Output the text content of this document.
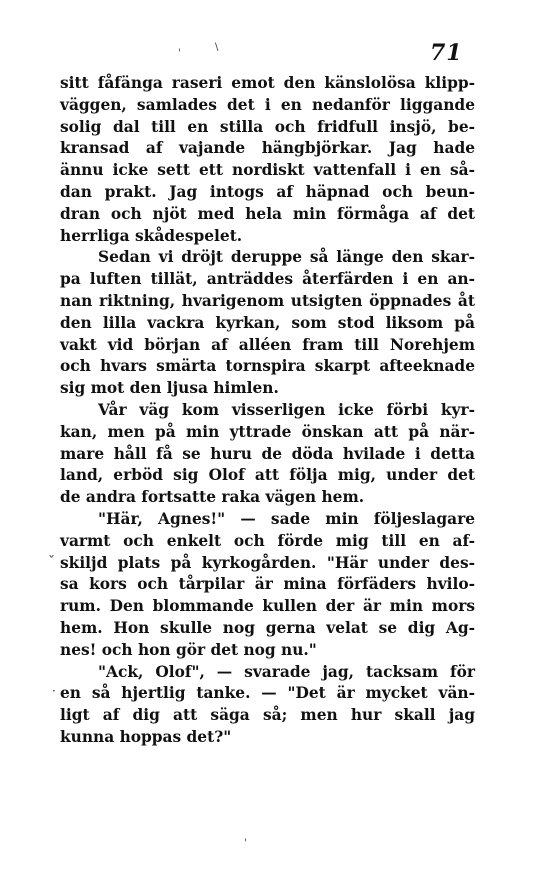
71
\
'
sitt fåfänga raseri emot den känslolösa klipp-
väggen, samlades det i en nedanför liggande
solig dal till en stilla och fridfull insjö, be-
kransad af vajande hängbjörkar. Jag hade
ännu icke sett ett nordiskt vattenfall i en så-
dan prakt. Jag intogs af häpnad och beun-
dran och njöt med hela min förmåga af det
herrliga skådespelet.
Sedan vi dröjt deruppe så länge den skar-
pa luften tillät, anträddes återfärden i en an-
nan riktning, hvarigenom utsigten öppnades åt
den lilla vackra kyrkan, som stod liksom på
vakt vid början af alléen fram till Norehjem
och hvars smärta tornspira skarpt afteeknade
sig mot den ljusa himlen.
Vår väg kom visserligen icke förbi kyr-
kan, men på min yttrade önskan att på när-
mare håll få se huru de döda hvilade i detta
land, erböd sig Olof att följa mig, under det
de andra fortsatte raka vägen hem.
"Här, Agnes!" — sade min följeslagare
varmt och enkelt och förde mig till en af-
skiljd plats på kyrkogården. "Här under des-
sa kors och tårpilar är mina förfäders hvilo-
rum. Den blommande kullen der är min mors
hem. Hon skulle nog gerna velat se dig Ag-
nes! och hon gör det nog nu."
"Ack, Olof", — svarade jag, tacksam för
en så hjertlig tanke. — "Det är mycket vän-
ligt af dig att säga så; men hur skall jag
kunna hoppas det?"
˯
·
'
